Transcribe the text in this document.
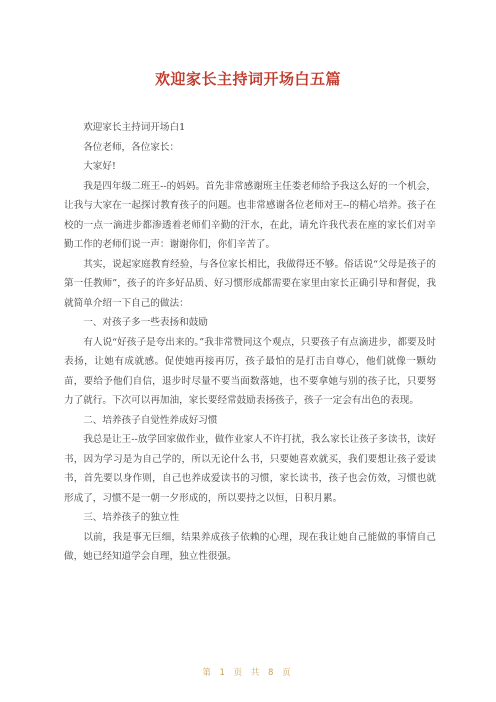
欢迎家长主持词开场白五篇

欢迎家长主持词开场白1

各位老师，各位家长：

大家好!

我是四年级二班王--的妈妈。首先非常感谢班主任娄老师给予我这么好的一个机会，让我与大家在一起探讨教育孩子的问题。也非常感谢各位老师对王--的精心培养。孩子在校的一点一滴进步都渗透着老师们辛勤的汗水，在此，请允许我代表在座的家长们对辛勤工作的老师们说一声：谢谢你们，你们辛苦了。

其实，说起家庭教育经验，与各位家长相比，我做得还不够。俗话说“父母是孩子的第一任教师”，孩子的许多好品质、好习惯形成都需要在家里由家长正确引导和督促，我就简单介绍一下自己的做法：

一、对孩子多一些表扬和鼓励

有人说“好孩子是夸出来的。”我非常赞同这个观点，只要孩子有点滴进步，都要及时表扬，让她有成就感。促使她再接再厉，孩子最怕的是打击自尊心，他们就像一颗幼苗，要给予他们自信，退步时尽量不要当面数落她，也不要拿她与别的孩子比，只要努力了就行。下次可以再加油，家长要经常鼓励表扬孩子，孩子一定会有出色的表现。

二、培养孩子自觉性养成好习惯

我总是让王--放学回家做作业，做作业家人不许打扰，我么家长让孩子多读书，读好书，因为学习是为自己学的，所以无论什么书，只要她喜欢就买，我们要想让孩子爱读书，首先要以身作则，自己也养成爱读书的习惯，家长读书，孩子也会仿效，习惯也就形成了，习惯不是一朝一夕形成的，所以要持之以恒，日积月累。

三、培养孩子的独立性

以前，我是事无巨细，结果养成孩子依赖的心理，现在我让她自己能做的事情自己做，她已经知道学会自理，独立性很强。

第 1 页 共 8 页
